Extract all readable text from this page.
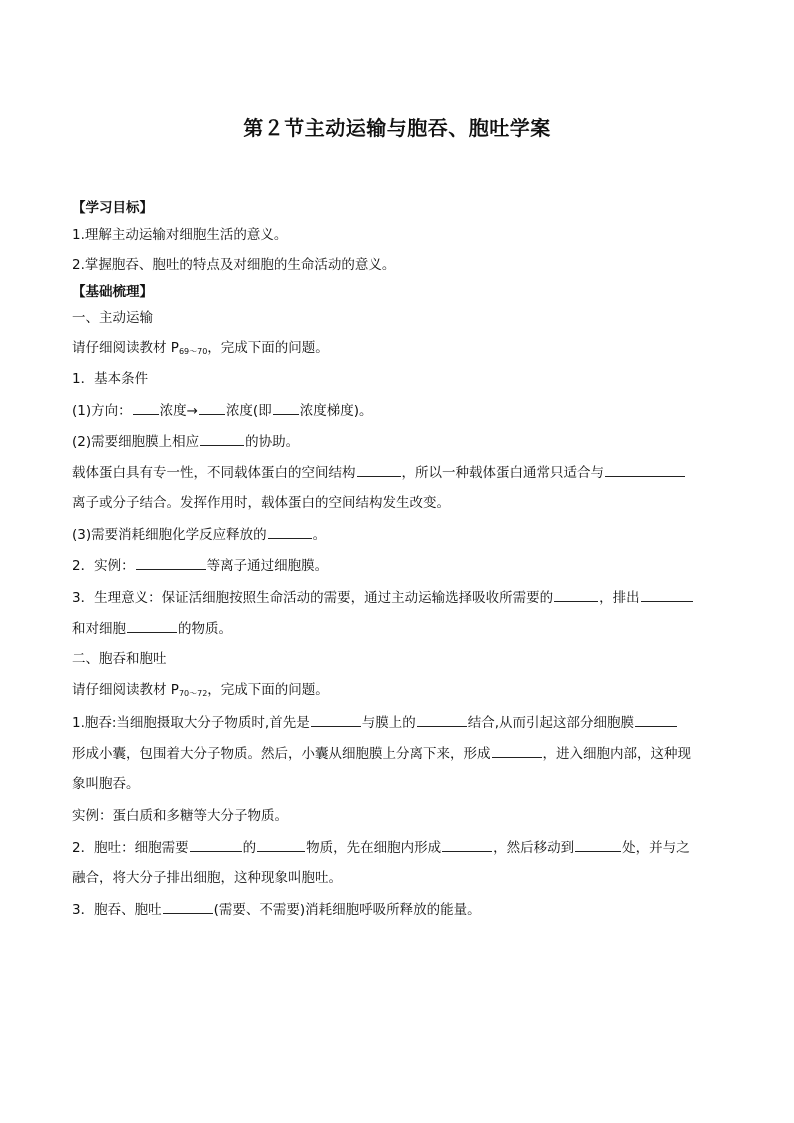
第２节主动运输与胞吞、胞吐学案
【学习目标】
1.理解主动运输对细胞生活的意义。
2.掌握胞吞、胞吐的特点及对细胞的生命活动的意义。
【基础梳理】
一、主动运输
请仔细阅读教材 $P_{69\sim 70}$，完成下面的问题。
1．基本条件
(1)方向： 浓度→ 浓度(即 浓度梯度)。
(2)需要细胞膜上相应	的协助。
载体蛋白具有专一性，不同载体蛋白的空间结构	，所以一种载体蛋白通常只适合与
离子或分子结合。发挥作用时，载体蛋白的空间结构发生改变。
(3)需要消耗细胞化学反应释放的	。
2．实例：	等离子通过细胞膜。
3．生理意义：保证活细胞按照生命活动的需要，通过主动运输选择吸收所需要的	，排出
和对细胞	的物质。
二、胞吞和胞吐
请仔细阅读教材 $P_{70\sim 72}$，完成下面的问题。
1.胞吞:当细胞摄取大分子物质时,首先是	与膜上的	结合,从而引起这部分细胞膜
形成小囊，包围着大分子物质。然后，小囊从细胞膜上分离下来，形成	，进入细胞内部，这种现
象叫胞吞。
实例：蛋白质和多糖等大分子物质。
2．胞吐：细胞需要	的	物质，先在细胞内形成	，然后移动到	处，并与之
融合，将大分子排出细胞，这种现象叫胞吐。
3．胞吞、胞吐	(需要、不需要)消耗细胞呼吸所释放的能量。
